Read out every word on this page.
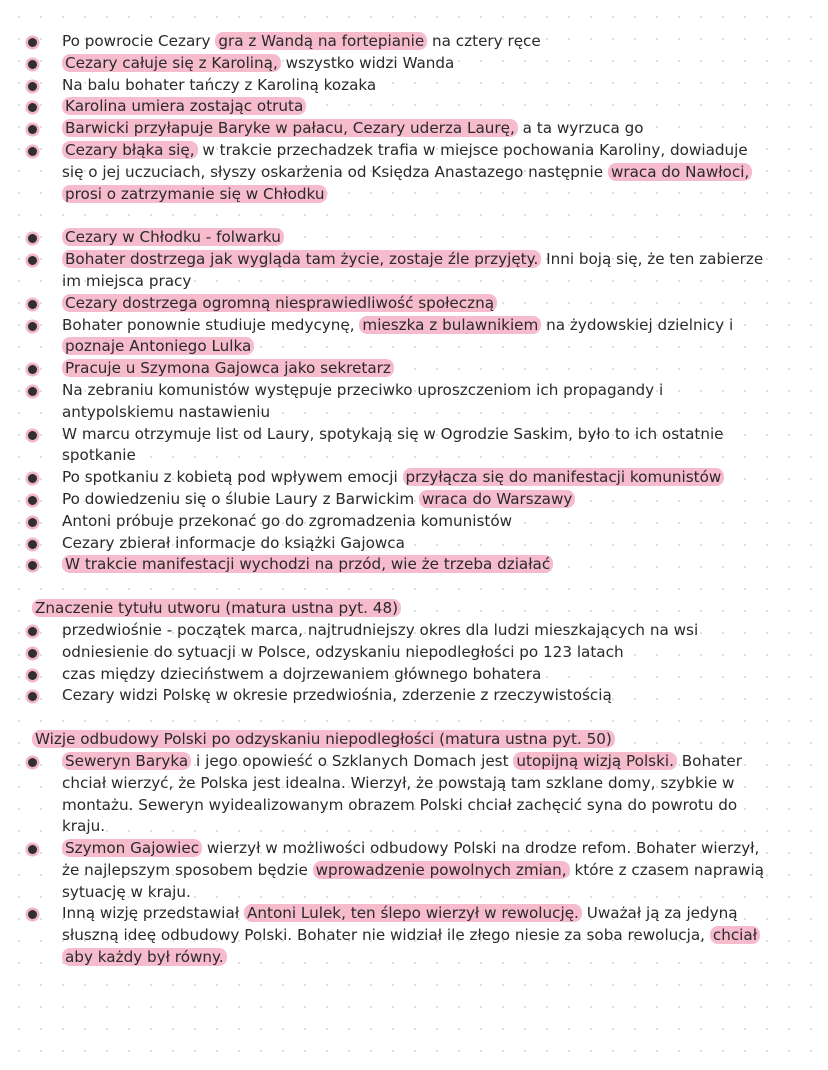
Po powrocie Cezary gra z Wandą na fortepianie na cztery ręce
Cezary całuje się z Karoliną, wszystko widzi Wanda
Na balu bohater tańczy z Karoliną kozaka
Karolina umiera zostając otruta
Barwicki przyłapuje Baryke w pałacu, Cezary uderza Laurę, a ta wyrzuca go
Cezary błąka się, w trakcie przechadzek trafia w miejsce pochowania Karoliny, dowiaduje się o jej uczuciach, słyszy oskarżenia od Księdza Anastazego następnie wraca do Nawłoci, prosi o zatrzymanie się w Chłodku
Cezary w Chłodku - folwarku
Bohater dostrzega jak wygląda tam życie, zostaje źle przyjęty. Inni boją się, że ten zabierze im miejsca pracy
Cezary dostrzega ogromną niesprawiedliwość społeczną
Bohater ponownie studiuje medycynę, mieszka z bulawnikiem na żydowskiej dzielnicy i poznaje Antoniego Lulka
Pracuje u Szymona Gajowca jako sekretarz
Na zebraniu komunistów występuje przeciwko uproszczeniom ich propagandy i antypolskiemu nastawieniu
W marcu otrzymuje list od Laury, spotykają się w Ogrodzie Saskim, było to ich ostatnie spotkanie
Po spotkaniu z kobietą pod wpływem emocji przyłącza się do manifestacji komunistów
Po dowiedzeniu się o ślubie Laury z Barwickim wraca do Warszawy
Antoni próbuje przekonać go do zgromadzenia komunistów
Cezary zbierał informacje do książki Gajowca
W trakcie manifestacji wychodzi na przód, wie że trzeba działać
Znaczenie tytułu utworu (matura ustna pyt. 48)
przedwiośnie - początek marca, najtrudniejszy okres dla ludzi mieszkających na wsi
odniesienie do sytuacji w Polsce, odzyskaniu niepodległości po 123 latach
czas między dzieciństwem a dojrzewaniem głównego bohatera
Cezary widzi Polskę w okresie przedwiośnia, zderzenie z rzeczywistością
Wizje odbudowy Polski po odzyskaniu niepodległości (matura ustna pyt. 50)
Seweryn Baryka i jego opowieść o Szklanych Domach jest utopijną wizją Polski. Bohater chciał wierzyć, że Polska jest idealna. Wierzył, że powstają tam szklane domy, szybkie w montażu. Seweryn wyidealizowanym obrazem Polski chciał zachęcić syna do powrotu do kraju.
Szymon Gajowiec wierzył w możliwości odbudowy Polski na drodze refom. Bohater wierzył, że najlepszym sposobem będzie wprowadzenie powolnych zmian, które z czasem naprawią sytuację w kraju.
Inną wizję przedstawiał Antoni Lulek, ten ślepo wierzył w rewolucję. Uważał ją za jedyną słuszną ideę odbudowy Polski. Bohater nie widział ile złego niesie za soba rewolucja, chciał aby każdy był równy.
